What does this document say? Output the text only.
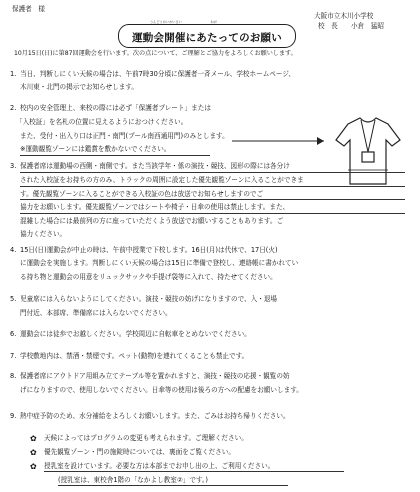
保護者　様
大阪市立木川小学校
校　長　　小倉　猛昭
うんどうかいかいさい　　　　　　　　　ねが
運動会開催にあたってのお願い
10月15日(日)に第87回運動会を行います。次の点について、ご理解とご協力をよろしくお願いします。
1. 当日、判断しにくい天候の場合は、午前7時30分頃に保護者一斉メール、学校ホームページ、
木川東・北門の掲示でお知らせします。
2. 校内の安全管理上、来校の際には必ず「保護者プレート」または
「入校証」を名札の位置に見えるようにおつけください。
また、受付・出入り口は正門・南門(プール南西通用門)のみとします。
※運動観覧ゾーンには鑑賞を敷かないでください。
3. 保護者席は運動場の西側・南側です。また当該学年・係の演技・競技、図形の際には各分け
された入校証をお持ちの方のみ、トラックの周囲に設定した優先観覧ゾーンに入ることができま
す。優先観覧ゾーンに入ることができる入校証の色は放送でお知らせしますのでご
協力をお願いします。優先観覧ゾーンではシートや椅子・日傘の使用は禁止します。また、
混雑した場合には最前列の方に座っていただくよう放送でお願いすることもあります。ご
協力ください。
4. 15日(日)運動会が中止の時は、午前中授業で下校します。16日(月)は代休で、17日(火)
に運動会を実施します。判断しにくい天候の場合は15日に準備で登校し、連絡帳に書かれてい
る持ち物と運動会の用意をリュックサックや手提げ袋等に入れて、持たせてください。
5. 児童席には入らないようにしてください。演技・競技の妨げになりますので、入・退場
門付近、本部席、準備席には入らないでください。
6. 運動会には徒歩でお越しください。学校周辺に自転車をとめないでください。
7. 学校敷地内は、禁酒・禁煙です。ペット(動物)を連れてくることも禁止です。
8. 保護者席にアウトドア用組み立てテーブル等を置かれますと、演技・競技の応援・観覧の妨
げになりますので、使用しないでください。日傘等の使用は後ろの方への配慮をお願いします。
9. 熱中症予防のため、水分補給をよろしくお願いします。また、ごみはお持ち帰りください。
✿ 天候によってはプログラムの変更も考えられます。ご理解ください。
✿ 優先観覧ゾーン・門の施錠時については、裏面をご覧ください。
✿ 授乳室を設けています。必要な方は本部までお申し出の上、ご利用ください。
(授乳室は、東校舎1階の「なかよし教室②」です。)
